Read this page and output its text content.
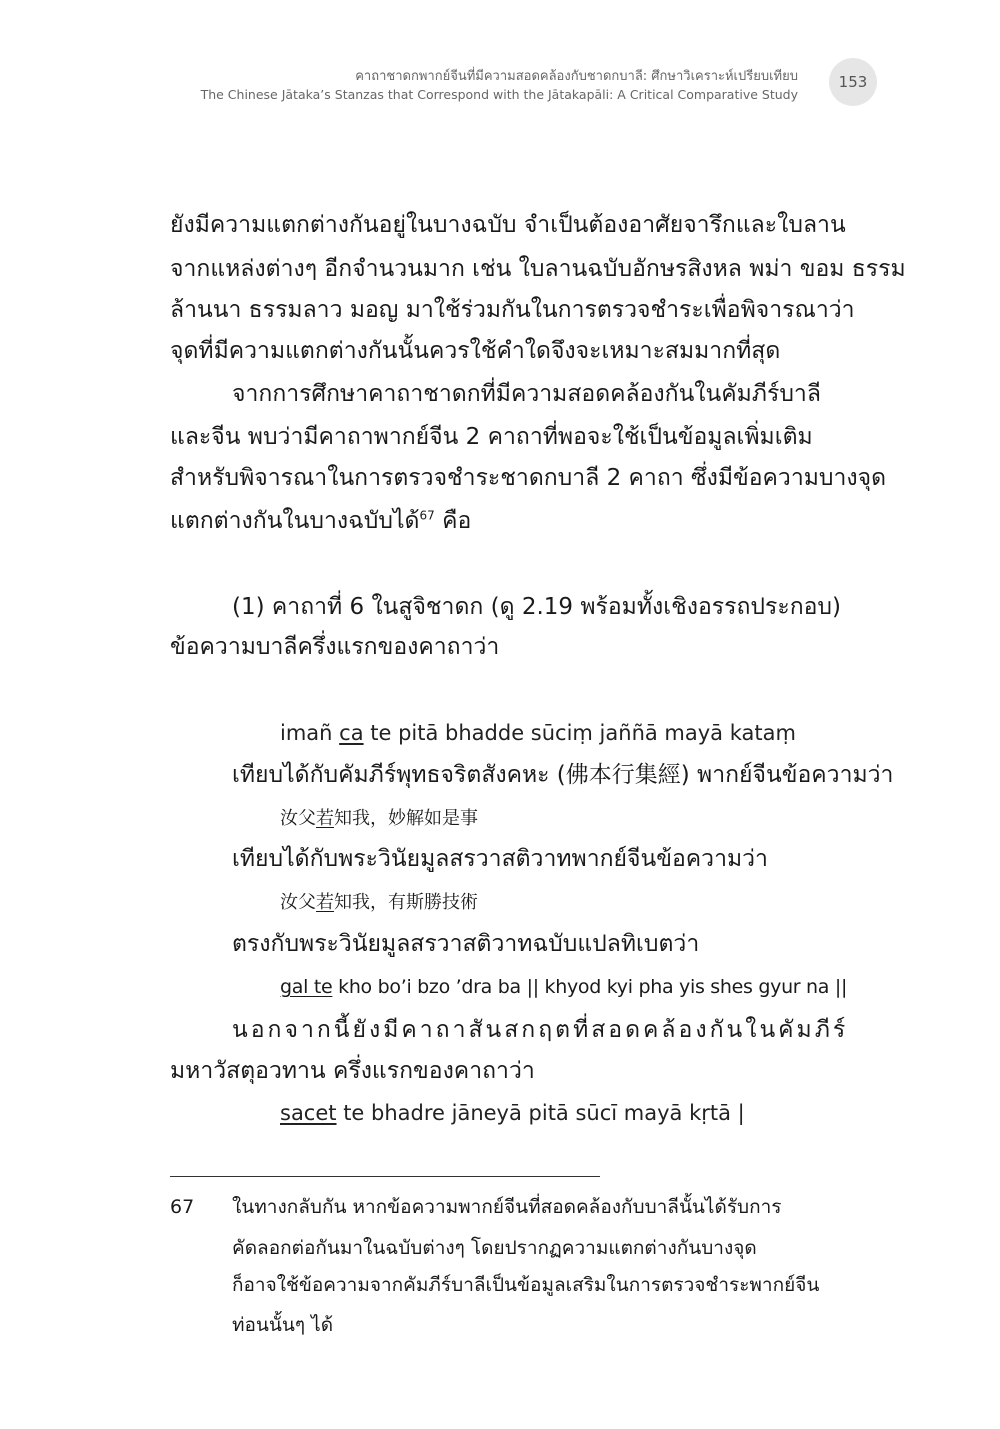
คาถาชาดกพากย์จีนที่มีความสอดคล้องกับชาดกบาลี: ศึกษาวิเคราะห์เปรียบเทียบ
The Chinese Jātaka’s Stanzas that Correspond with the Jātakapāli: A Critical Comparative Study
153
ยังมีความแตกต่างกันอยู่ในบางฉบับ จำเป็นต้องอาศัยจารึกและใบลาน
จากแหล่งต่างๆ อีกจำนวนมาก เช่น ใบลานฉบับอักษรสิงหล พม่า ขอม ธรรม
ล้านนา ธรรมลาว มอญ มาใช้ร่วมกันในการตรวจชำระเพื่อพิจารณาว่า
จุดที่มีความแตกต่างกันนั้นควรใช้คำใดจึงจะเหมาะสมมากที่สุด
จากการศึกษาคาถาชาดกที่มีความสอดคล้องกันในคัมภีร์บาลี
และจีน พบว่ามีคาถาพากย์จีน 2 คาถาที่พอจะใช้เป็นข้อมูลเพิ่มเติม
สำหรับพิจารณาในการตรวจชำระชาดกบาลี 2 คาถา ซึ่งมีข้อความบางจุด
แตกต่างกันในบางฉบับได้$^{67}$ คือ
(1) คาถาที่ 6 ในสูจิชาดก (ดู 2.19 พร้อมทั้งเชิงอรรถประกอบ)
ข้อความบาลีครึ่งแรกของคาถาว่า
imañ ca te pitā bhadde sūciṃ jaññā mayā kataṃ
เทียบได้กับคัมภีร์พุทธจริตสังคหะ (佛本行集經) พากย์จีนข้อความว่า
汝父若知我，妙解如是事
เทียบได้กับพระวินัยมูลสรวาสติวาทพากย์จีนข้อความว่า
汝父若知我，有斯勝技術
ตรงกับพระวินัยมูลสรวาสติวาทฉบับแปลทิเบตว่า
gal te kho bo’i bzo ’dra ba || khyod kyi pha yis shes gyur na ||
นอกจากนี้ยังมีคาถาสันสกฤตที่สอดคล้องกันในคัมภีร์
มหาวัสตุอวทาน ครึ่งแรกของคาถาว่า
sacet te bhadre jāneyā pitā sūcī mayā kṛtā |
67 ในทางกลับกัน หากข้อความพากย์จีนที่สอดคล้องกับบาลีนั้นได้รับการ
คัดลอกต่อกันมาในฉบับต่างๆ โดยปรากฏความแตกต่างกันบางจุด
ก็อาจใช้ข้อความจากคัมภีร์บาลีเป็นข้อมูลเสริมในการตรวจชำระพากย์จีน
ท่อนนั้นๆ ได้
